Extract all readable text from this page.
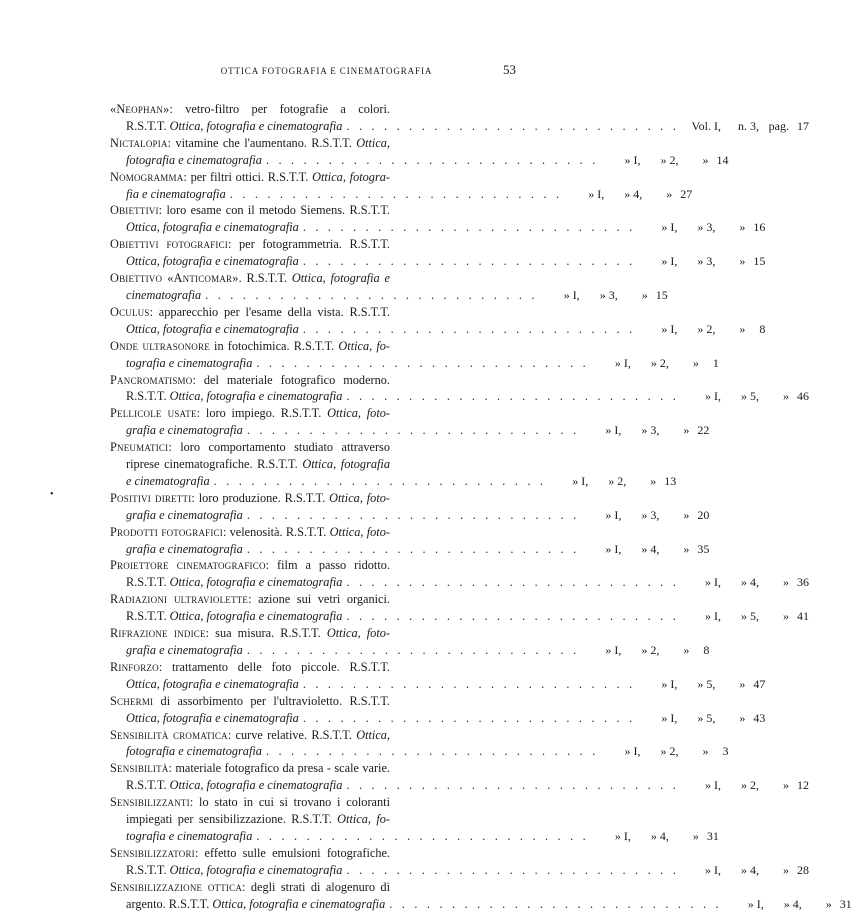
OTTICA FOTOGRAFIA E CINEMATOGRAFIA	53
•
«Neophan»: vetro-filtro per fotografie a colori.
R.S.T.T. Ottica, fotografia e cinematografia . . . . . . . . . . . . . . . . . . . . . . . . . . .	Vol. I,	n. 3, pag. 17
Nictalopia: vitamine che l'aumentano. R.S.T.T. Ottica,
fotografia e cinematografia . . . . . . . . . . . . . . . . . . . . . . . . . . .	» I,	» 2,	» 14
Nomogramma: per filtri ottici. R.S.T.T. Ottica, fotogra-
fia e cinematografia . . . . . . . . . . . . . . . . . . . . . . . . . . .	» I,	» 4,	» 27
Obiettivi: loro esame con il metodo Siemens. R.S.T.T.
Ottica, fotografia e cinematografia . . . . . . . . . . . . . . . . . . . . . . . . . . .	» I,	» 3,	» 16
Obiettivi fotografici: per fotogrammetria. R.S.T.T.
Ottica, fotografia e cinematografia . . . . . . . . . . . . . . . . . . . . . . . . . . .	» I,	» 3,	» 15
Obiettivo «Anticomar». R.S.T.T. Ottica, fotografia e
cinematografia . . . . . . . . . . . . . . . . . . . . . . . . . . .	» I,	» 3,	» 15
Oculus: apparecchio per l'esame della vista. R.S.T.T.
Ottica, fotografia e cinematografia . . . . . . . . . . . . . . . . . . . . . . . . . . .	» I,	» 2,	»	8
Onde ultrasonore in fotochimica. R.S.T.T. Ottica, fo-
tografia e cinematografia . . . . . . . . . . . . . . . . . . . . . . . . . . .	» I,	» 2,	»	1
Pancromatismo: del materiale fotografico moderno.
R.S.T.T. Ottica, fotografia e cinematografia . . . . . . . . . . . . . . . . . . . . . . . . . . .	» I,	» 5,	» 46
Pellicole usate: loro impiego. R.S.T.T. Ottica, foto-
grafia e cinematografia . . . . . . . . . . . . . . . . . . . . . . . . . . .	» I,	» 3,	» 22
Pneumatici: loro comportamento studiato attraverso
riprese cinematografiche. R.S.T.T. Ottica, fotografia
e cinematografia . . . . . . . . . . . . . . . . . . . . . . . . . . .	» I,	» 2,	» 13
Positivi diretti: loro produzione. R.S.T.T. Ottica, foto-
grafia e cinematografia . . . . . . . . . . . . . . . . . . . . . . . . . . .	» I,	» 3,	» 20
Prodotti fotografici: velenosità. R.S.T.T. Ottica, foto-
grafia e cinematografia . . . . . . . . . . . . . . . . . . . . . . . . . . .	» I,	» 4,	» 35
Proiettore cinematografico: film a passo ridotto.
R.S.T.T. Ottica, fotografia e cinematografia . . . . . . . . . . . . . . . . . . . . . . . . . . .	» I,	» 4,	» 36
Radiazioni ultraviolette: azione sui vetri organici.
R.S.T.T. Ottica, fotografia e cinematografia . . . . . . . . . . . . . . . . . . . . . . . . . . .	» I,	» 5,	» 41
Rifrazione indice: sua misura. R.S.T.T. Ottica, foto-
grafia e cinematografia . . . . . . . . . . . . . . . . . . . . . . . . . . .	» I,	» 2,	»	8
Rinforzo: trattamento delle foto piccole. R.S.T.T.
Ottica, fotografia e cinematografia . . . . . . . . . . . . . . . . . . . . . . . . . . .	» I,	» 5,	» 47
Schermi di assorbimento per l'ultravioletto. R.S.T.T.
Ottica, fotografia e cinematografia . . . . . . . . . . . . . . . . . . . . . . . . . . .	» I,	» 5,	» 43
Sensibilità cromatica: curve relative. R.S.T.T. Ottica,
fotografia e cinematografia . . . . . . . . . . . . . . . . . . . . . . . . . . .	» I,	» 2,	»	3
Sensibilità: materiale fotografico da presa - scale varie.
R.S.T.T. Ottica, fotografia e cinematografia . . . . . . . . . . . . . . . . . . . . . . . . . . .	» I,	» 2,	» 12
Sensibilizzanti: lo stato in cui si trovano i coloranti
impiegati per sensibilizzazione. R.S.T.T. Ottica, fo-
tografia e cinematografia . . . . . . . . . . . . . . . . . . . . . . . . . . .	» I,	» 4,	» 31
Sensibilizzatori: effetto sulle emulsioni fotografiche.
R.S.T.T. Ottica, fotografia e cinematografia . . . . . . . . . . . . . . . . . . . . . . . . . . .	» I,	» 4,	» 28
Sensibilizzazione ottica: degli strati di alogenuro di
argento. R.S.T.T. Ottica, fotografia e cinematografia . . . . . . . . . . . . . . . . . . . . . . . . . . .	» I,	» 4,	» 31
